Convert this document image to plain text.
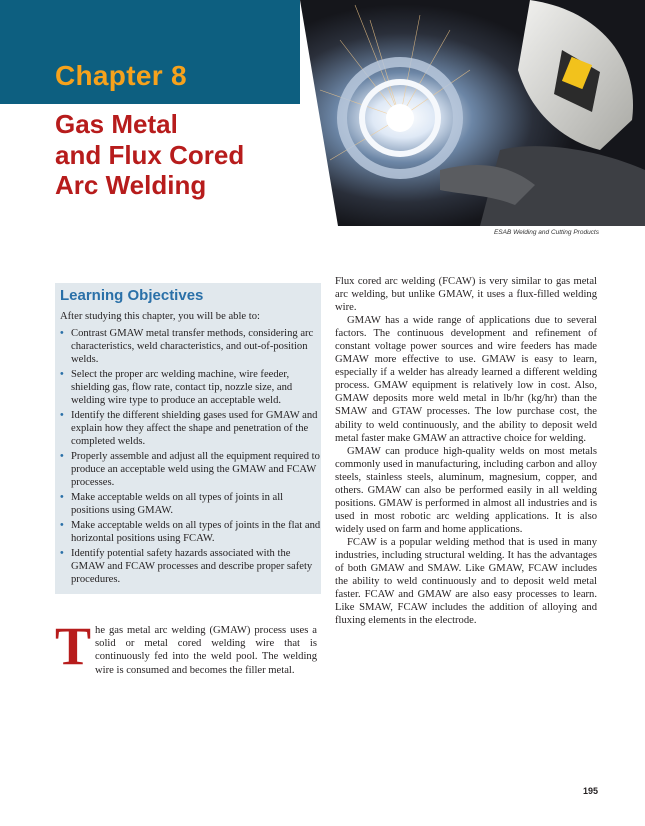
Chapter 8
Gas Metal
and Flux Cored
Arc Welding
ESAB Welding and Cutting Products
Learning Objectives

After studying this chapter, you will be able to:

• Contrast GMAW metal transfer methods, considering arc characteristics, weld characteristics, and out-of-position welds.
• Select the proper arc welding machine, wire feeder, shielding gas, flow rate, contact tip, nozzle size, and welding wire type to produce an acceptable weld.
• Identify the different shielding gases used for GMAW and explain how they affect the shape and penetration of the completed welds.
• Properly assemble and adjust all the equipment required to produce an acceptable weld using the GMAW and FCAW processes.
• Make acceptable welds on all types of joints in all positions using GMAW.
• Make acceptable welds on all types of joints in the flat and horizontal positions using FCAW.
• Identify potential safety hazards associated with the GMAW and FCAW processes and describe proper safety procedures.

The gas metal arc welding (GMAW) process uses a solid or metal cored welding wire that is continuously fed into the weld pool. The welding wire is consumed and becomes the filler metal.

Flux cored arc welding (FCAW) is very similar to gas metal arc welding, but unlike GMAW, it uses a flux-filled welding wire.

GMAW has a wide range of applications due to several factors. The continuous development and refinement of constant voltage power sources and wire feeders has made GMAW more effective to use. GMAW is easy to learn, especially if a welder has already learned a different welding process. GMAW equipment is relatively low in cost. Also, GMAW deposits more weld metal in lb/hr (kg/hr) than the SMAW and GTAW processes. The low purchase cost, the ability to weld continuously, and the ability to deposit weld metal faster make GMAW an attractive choice for welding.

GMAW can produce high-quality welds on most metals commonly used in manufacturing, including carbon and alloy steels, stainless steels, aluminum, magnesium, copper, and others. GMAW can also be performed easily in all welding positions. GMAW is performed in almost all industries and is used in most robotic arc welding applications. It is also widely used on farm and home applications.

FCAW is a popular welding method that is used in many industries, including structural welding. It has the advantages of both GMAW and SMAW. Like GMAW, FCAW includes the ability to weld continuously and to deposit weld metal faster. FCAW and GMAW are also easy processes to learn. Like SMAW, FCAW includes the addition of alloying and fluxing elements in the electrode.

195
